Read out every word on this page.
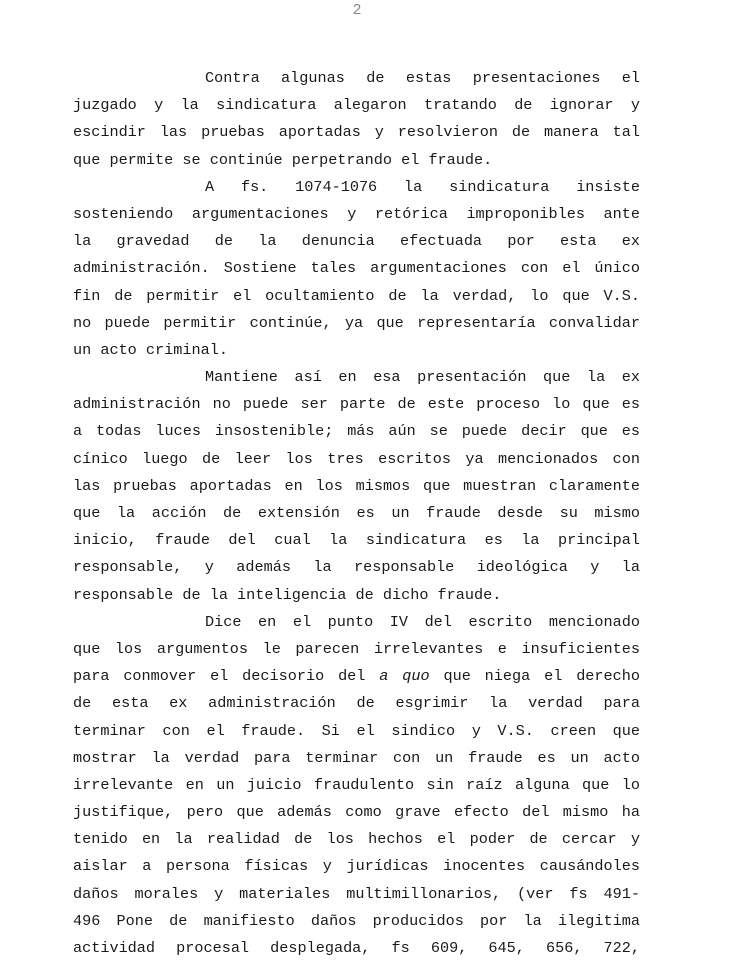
2
Contra algunas de estas presentaciones el
juzgado y la sindicatura alegaron tratando de ignorar y
escindir las pruebas aportadas y resolvieron de manera tal
que permite se continúe perpetrando el fraude.
A fs. 1074-1076 la sindicatura insiste
sosteniendo argumentaciones y retórica improponibles ante
la gravedad de la denuncia efectuada por esta ex
administración. Sostiene tales argumentaciones con el único
fin de permitir el ocultamiento de la verdad, lo que V.S.
no puede permitir continúe, ya que representaría convalidar
un acto criminal.
Mantiene así en esa presentación que la ex
administración no puede ser parte de este proceso lo que es
a todas luces insostenible; más aún se puede decir que es
cínico luego de leer los tres escritos ya mencionados con
las pruebas aportadas en los mismos que muestran claramente
que la acción de extensión es un fraude desde su mismo
inicio, fraude del cual la sindicatura es la principal
responsable, y además la responsable ideológica y la
responsable de la inteligencia de dicho fraude.
Dice en el punto IV del escrito mencionado
que los argumentos le parecen irrelevantes e insuficientes
para conmover el decisorio del a quo que niega el derecho
de esta ex administración de esgrimir la verdad para
terminar con el fraude. Si el sindico y V.S. creen que
mostrar la verdad para terminar con un fraude es un acto
irrelevante en un juicio fraudulento sin raíz alguna que lo
justifique, pero que además como grave efecto del mismo ha
tenido en la realidad de los hechos el poder de cercar y
aislar a persona físicas y jurídicas inocentes causándoles
daños morales y materiales multimillonarios, (ver fs 491-
496 Pone de manifiesto daños producidos por la ilegitima
actividad procesal desplegada, fs 609, 645, 656, 722,
